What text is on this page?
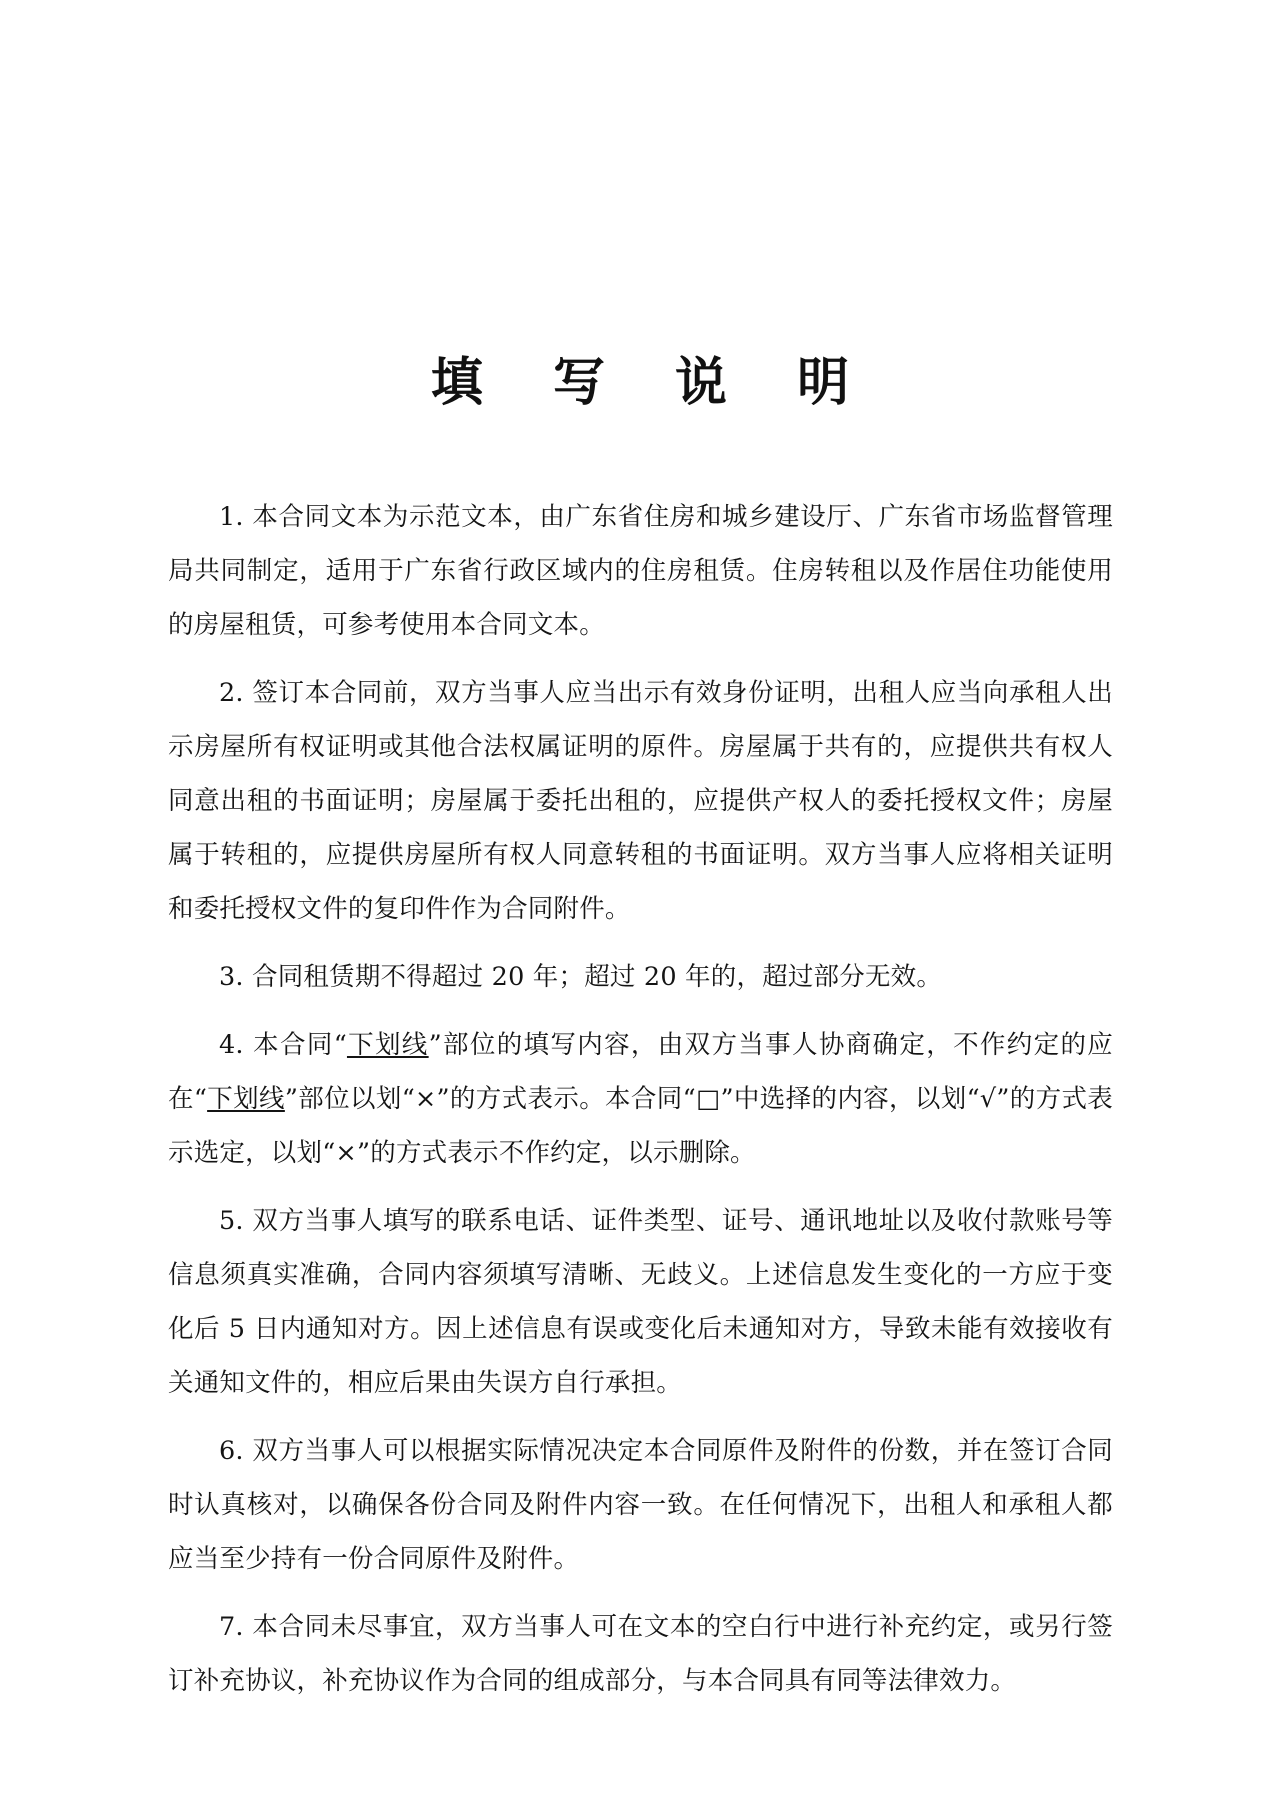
填 写 说 明

1. 本合同文本为示范文本，由广东省住房和城乡建设厅、广东省市场监督管理局共同制定，适用于广东省行政区域内的住房租赁。住房转租以及作居住功能使用的房屋租赁，可参考使用本合同文本。

2. 签订本合同前，双方当事人应当出示有效身份证明，出租人应当向承租人出示房屋所有权证明或其他合法权属证明的原件。房屋属于共有的，应提供共有权人同意出租的书面证明；房屋属于委托出租的，应提供产权人的委托授权文件；房屋属于转租的，应提供房屋所有权人同意转租的书面证明。双方当事人应将相关证明和委托授权文件的复印件作为合同附件。

3. 合同租赁期不得超过 20 年；超过 20 年的，超过部分无效。

4. 本合同“下划线”部位的填写内容，由双方当事人协商确定，不作约定的应在“下划线”部位以划“×”的方式表示。本合同“□”中选择的内容，以划“√”的方式表示选定，以划“×”的方式表示不作约定，以示删除。

5. 双方当事人填写的联系电话、证件类型、证号、通讯地址以及收付款账号等信息须真实准确，合同内容须填写清晰、无歧义。上述信息发生变化的一方应于变化后 5 日内通知对方。因上述信息有误或变化后未通知对方，导致未能有效接收有关通知文件的，相应后果由失误方自行承担。

6. 双方当事人可以根据实际情况决定本合同原件及附件的份数，并在签订合同时认真核对，以确保各份合同及附件内容一致。在任何情况下，出租人和承租人都应当至少持有一份合同原件及附件。

7. 本合同未尽事宜，双方当事人可在文本的空白行中进行补充约定，或另行签订补充协议，补充协议作为合同的组成部分，与本合同具有同等法律效力。
